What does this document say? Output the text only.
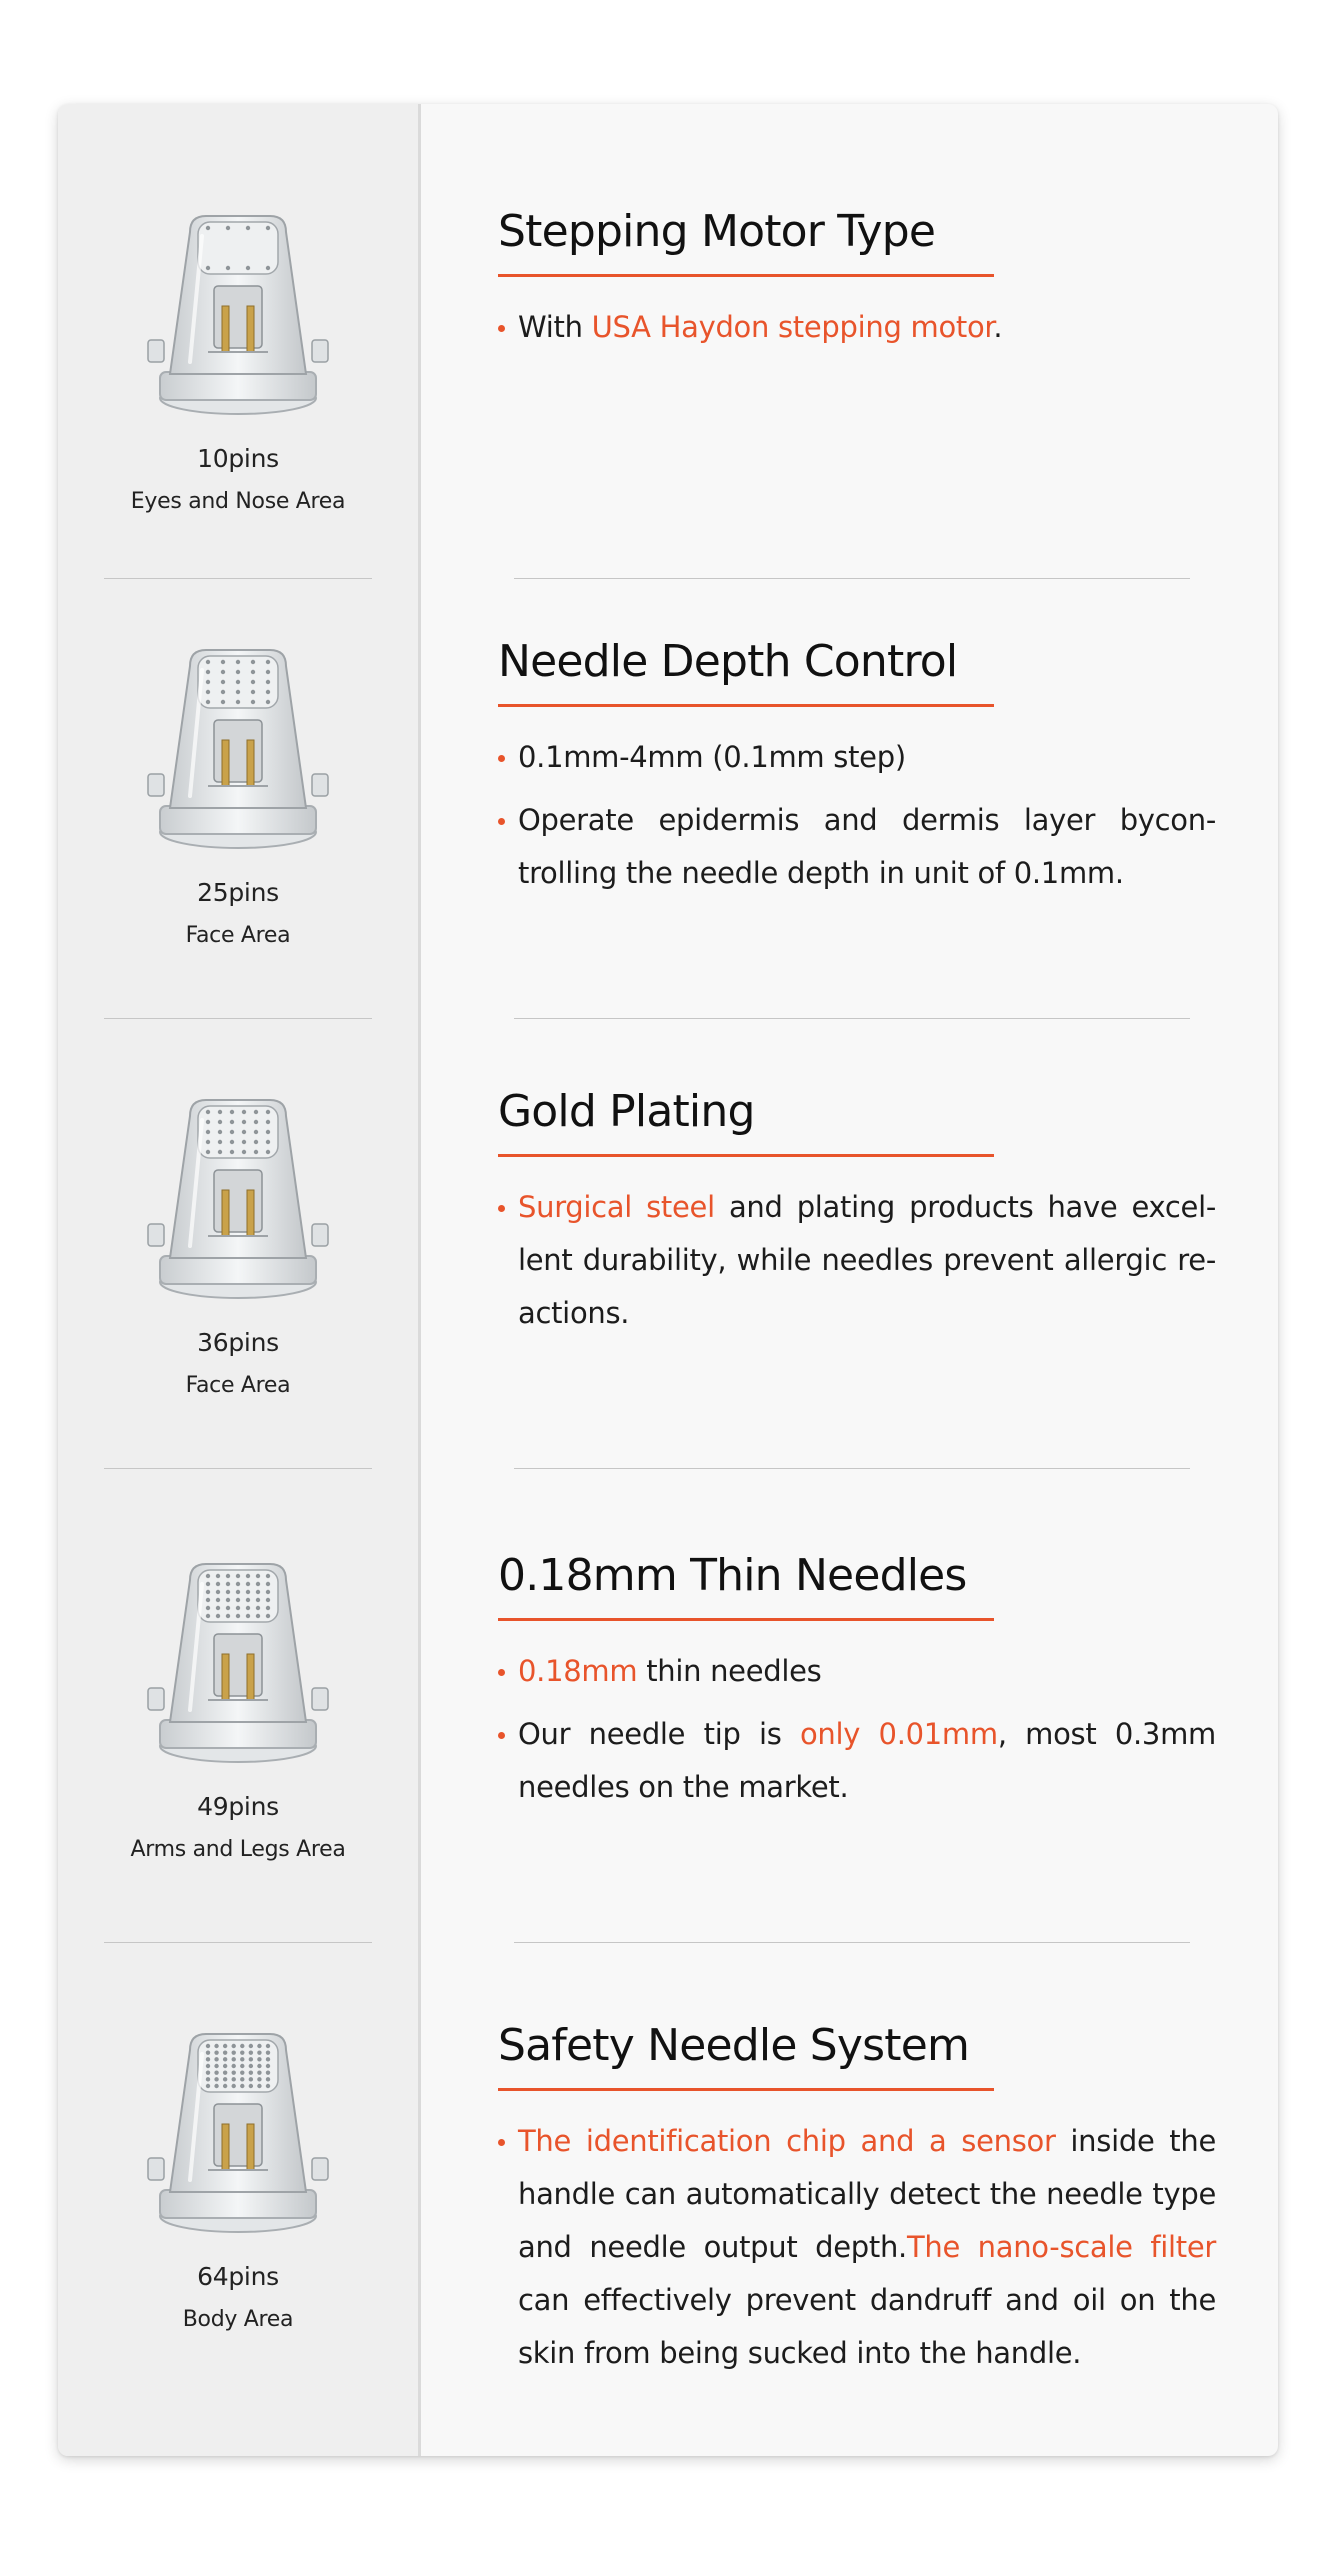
10pins
Eyes and Nose Area
25pins
Face Area
36pins
Face Area
49pins
Arms and Legs Area
64pins
Body Area
Stepping Motor Type
With USA Haydon stepping motor.
Needle Depth Control
0.1mm-4mm (0.1mm step)
Operate epidermis and dermis layer bycon-trolling the needle depth in unit of 0.1mm.
Gold Plating
Surgical steel and plating products have excel-lent durability, while needles prevent allergic re-actions.
0.18mm Thin Needles
0.18mm thin needles
Our needle tip is only 0.01mm, most 0.3mm needles on the market.
Safety Needle System
The identification chip and a sensor inside the handle can automatically detect the needle type and needle output depth.The nano-scale filter can effectively prevent dandruff and oil on the skin from being sucked into the handle.
